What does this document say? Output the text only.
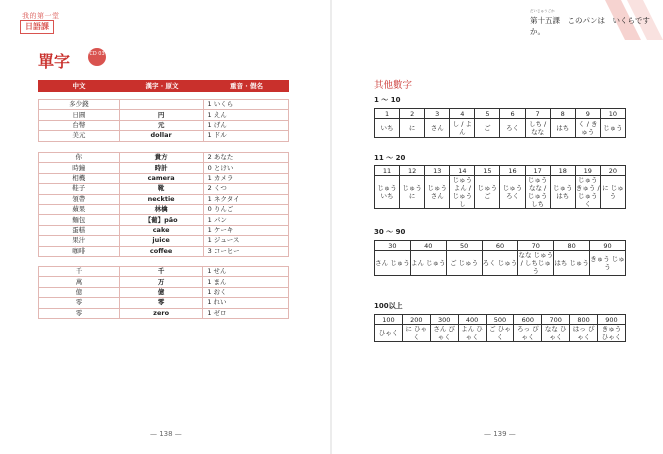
我的第一堂
日語課
單字	CD 03
中文	漢字 · 原文	重音 · 假名
多少錢		1 いくら
日圓	円	1 えん
台幣	元	1 げん
美元	dollar	1 ドル
你	貴方	2 あなた
時鐘	時計	0 とけい
相機	camera	1 カメラ
鞋子	靴	2 くつ
領帶	necktie	1 ネクタイ
蘋果	林檎	0 りんご
麵包	【葡】pão	1 パン
蛋糕	cake	1 ケーキ
果汁	juice	1 ジュース
咖啡	coffee	3 コーヒー
千	千	1 せん
萬	万	1 まん
億	億	1 おく
零	零	1 れい
零	zero	1 ゼロ
— 138 —
だいじゅうごか
第十五課　このパンは　いくらですか。
其他數字
1 〜 10
1	2	3	4	5	6	7	8	9	10
いち	に	さん	し / よん	ご	ろく	しち / なな	はち	く / きゅう	じゅう
11 〜 20
11	12	13	14	15	16	17	18	19	20
じゅう いち	じゅう に	じゅう さん	じゅう よん / じゅう し	じゅう ご	じゅう ろく	じゅう なな / じゅう しち	じゅう はち	じゅう きゅう / じゅう く	に じゅう
30 〜 90
30	40	50	60	70	80	90
さん じゅう	よん じゅう	ご じゅう	ろく じゅう	なな じゅう / しちじゅう	はち じゅう	きゅう じゅう
100以上
100	200	300	400	500	600	700	800	900
ひゃく	に ひゃく	さん びゃく	よん ひゃく	ご ひゃく	ろっ ぴゃく	なな ひゃく	はっ ぴゃく	きゅう ひゃく
— 139 —
